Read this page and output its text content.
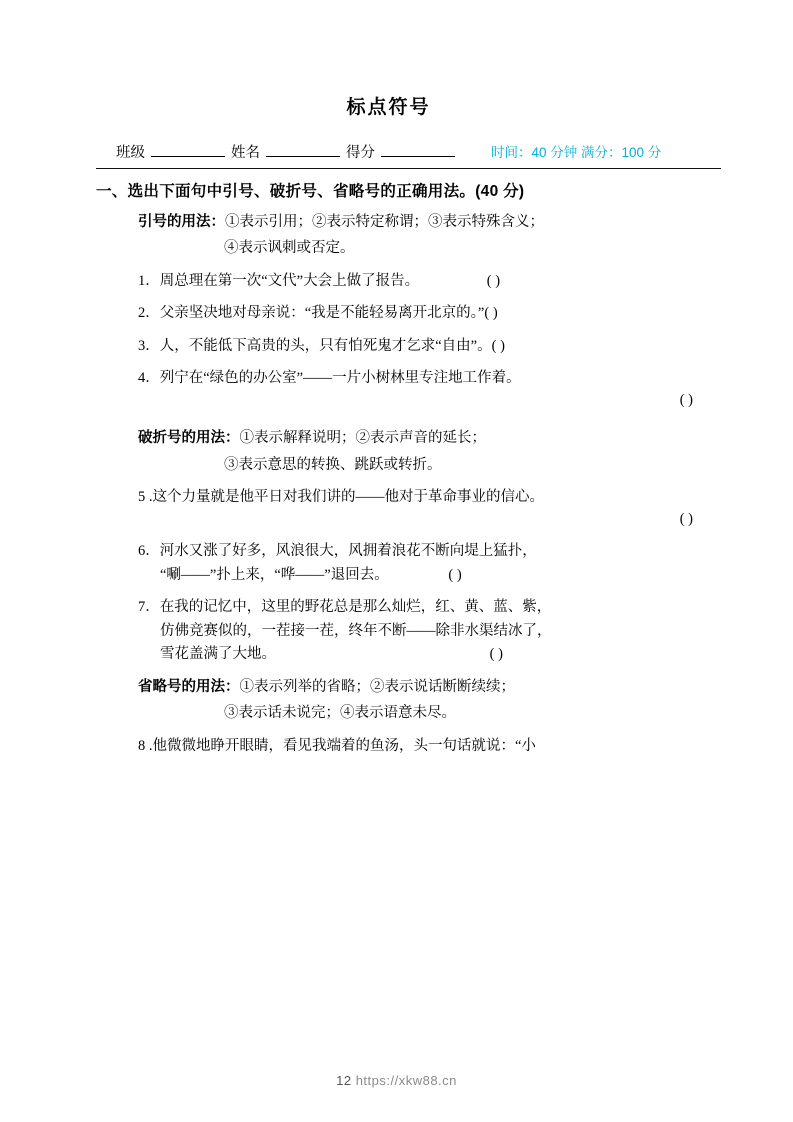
标点符号
班级	姓名	得分	时间：40 分钟 满分：100 分
一、选出下面句中引号、破折号、省略号的正确用法。(40 分)
引号的用法：①表示引用；②表示特定称谓；③表示特殊含义；
④表示讽刺或否定。
1．周总理在第一次“文代”大会上做了报告。	( )
2．父亲坚决地对母亲说：“我是不能轻易离开北京的。”( )
3．人，不能低下高贵的头，只有怕死鬼才乞求“自由”。( )
4．列宁在“绿色的办公室”——一片小树林里专注地工作着。
( )
破折号的用法：①表示解释说明；②表示声音的延长；
③表示意思的转换、跳跃或转折。
5 .这个力量就是他平日对我们讲的——他对于革命事业的信心。
( )
6．河水又涨了好多，风浪很大，风拥着浪花不断向堤上猛扑，
“唰——”扑上来，“哗——”退回去。	( )
7．在我的记忆中，这里的野花总是那么灿烂，红、黄、蓝、紫，
仿佛竞赛似的，一茬接一茬，终年不断——除非水渠结冰了，
雪花盖满了大地。	( )
省略号的用法：①表示列举的省略；②表示说话断断续续；
③表示话未说完；④表示语意未尽。
8 .他微微地睁开眼睛，看见我端着的鱼汤，头一句话就说：“小
12 https://xkw88.cn
